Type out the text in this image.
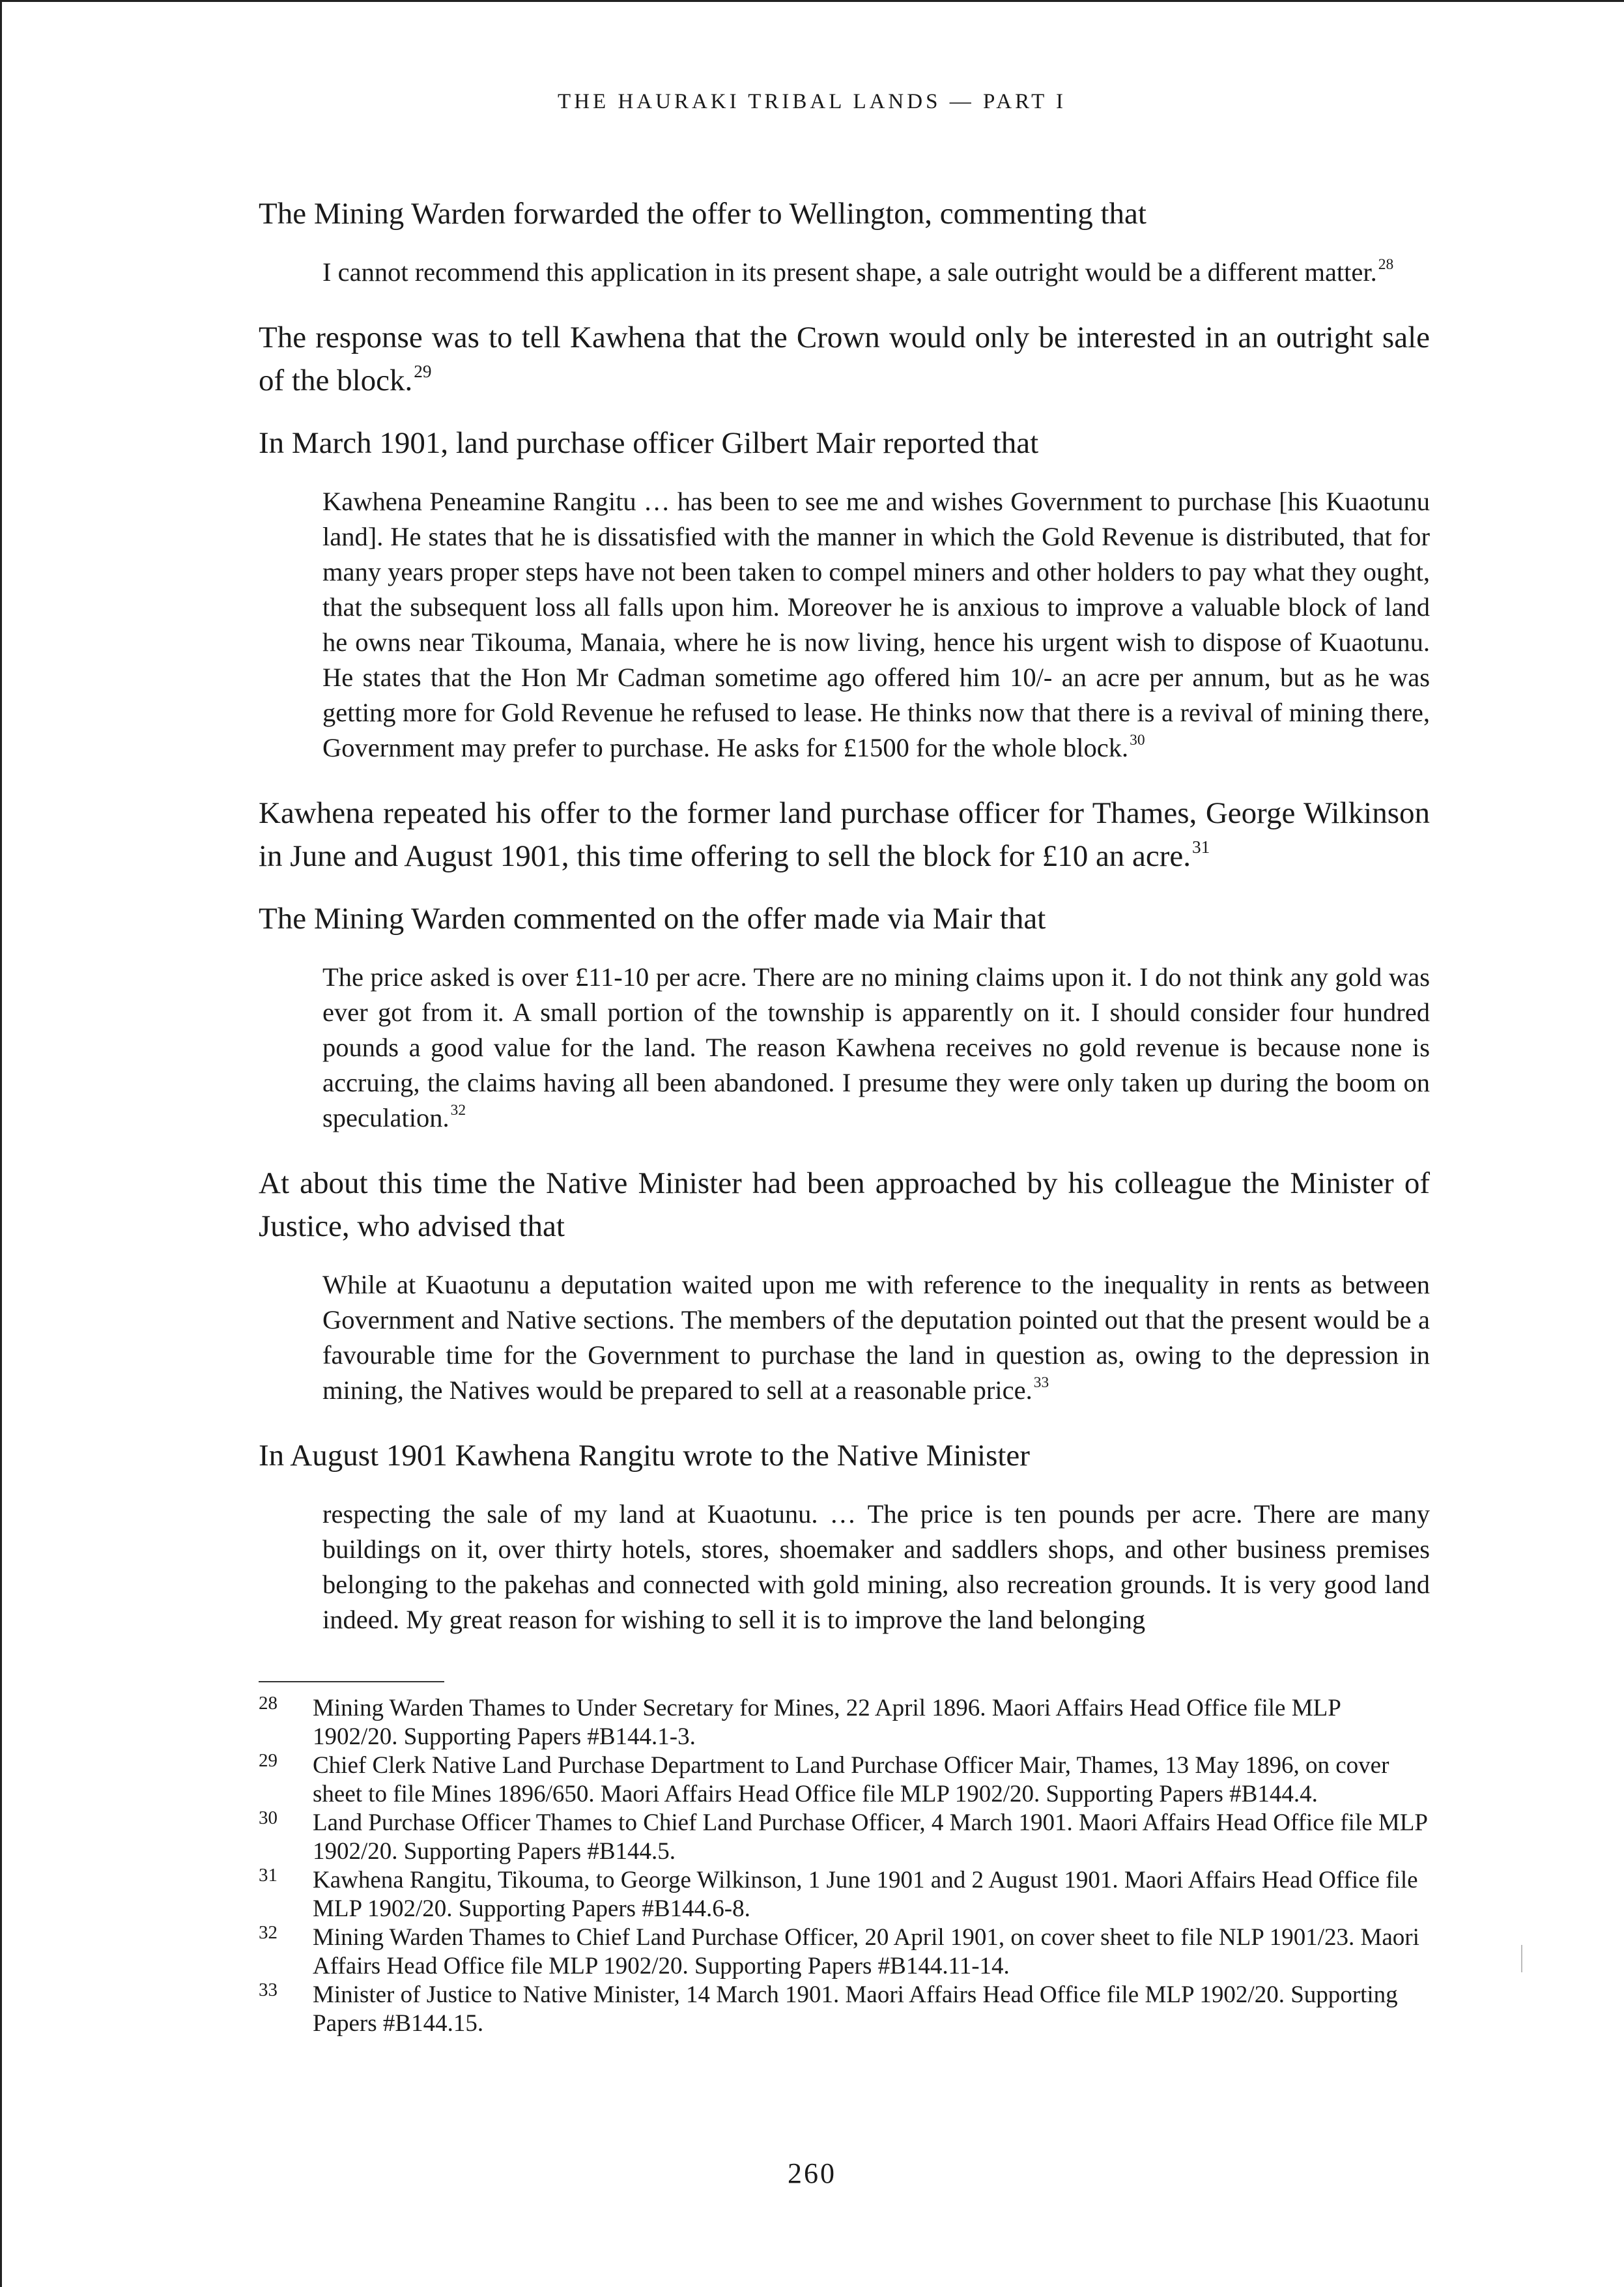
THE HAURAKI TRIBAL LANDS — PART I

The Mining Warden forwarded the offer to Wellington, commenting that

I cannot recommend this application in its present shape, a sale outright would be a different matter.$^{28}$

The response was to tell Kawhena that the Crown would only be interested in an outright sale of the block.$^{29}$

In March 1901, land purchase officer Gilbert Mair reported that

Kawhena Peneamine Rangitu … has been to see me and wishes Government to purchase [his Kuaotunu land]. He states that he is dissatisfied with the manner in which the Gold Revenue is distributed, that for many years proper steps have not been taken to compel miners and other holders to pay what they ought, that the subsequent loss all falls upon him. Moreover he is anxious to improve a valuable block of land he owns near Tikouma, Manaia, where he is now living, hence his urgent wish to dispose of Kuaotunu. He states that the Hon Mr Cadman sometime ago offered him 10/- an acre per annum, but as he was getting more for Gold Revenue he refused to lease. He thinks now that there is a revival of mining there, Government may prefer to purchase. He asks for £1500 for the whole block.$^{30}$

Kawhena repeated his offer to the former land purchase officer for Thames, George Wilkinson in June and August 1901, this time offering to sell the block for £10 an acre.$^{31}$

The Mining Warden commented on the offer made via Mair that

The price asked is over £11-10 per acre. There are no mining claims upon it. I do not think any gold was ever got from it. A small portion of the township is apparently on it. I should consider four hundred pounds a good value for the land. The reason Kawhena receives no gold revenue is because none is accruing, the claims having all been abandoned. I presume they were only taken up during the boom on speculation.$^{32}$

At about this time the Native Minister had been approached by his colleague the Minister of Justice, who advised that

While at Kuaotunu a deputation waited upon me with reference to the inequality in rents as between Government and Native sections. The members of the deputation pointed out that the present would be a favourable time for the Government to purchase the land in question as, owing to the depression in mining, the Natives would be prepared to sell at a reasonable price.$^{33}$

In August 1901 Kawhena Rangitu wrote to the Native Minister

respecting the sale of my land at Kuaotunu. … The price is ten pounds per acre. There are many buildings on it, over thirty hotels, stores, shoemaker and saddlers shops, and other business premises belonging to the pakehas and connected with gold mining, also recreation grounds. It is very good land indeed. My great reason for wishing to sell it is to improve the land belonging

28	Mining Warden Thames to Under Secretary for Mines, 22 April 1896. Maori Affairs Head Office file MLP 1902/20. Supporting Papers #B144.1-3.
29	Chief Clerk Native Land Purchase Department to Land Purchase Officer Mair, Thames, 13 May 1896, on cover sheet to file Mines 1896/650. Maori Affairs Head Office file MLP 1902/20. Supporting Papers #B144.4.
30	Land Purchase Officer Thames to Chief Land Purchase Officer, 4 March 1901. Maori Affairs Head Office file MLP 1902/20. Supporting Papers #B144.5.
31	Kawhena Rangitu, Tikouma, to George Wilkinson, 1 June 1901 and 2 August 1901. Maori Affairs Head Office file MLP 1902/20. Supporting Papers #B144.6-8.
32	Mining Warden Thames to Chief Land Purchase Officer, 20 April 1901, on cover sheet to file NLP 1901/23. Maori Affairs Head Office file MLP 1902/20. Supporting Papers #B144.11-14.
33	Minister of Justice to Native Minister, 14 March 1901. Maori Affairs Head Office file MLP 1902/20. Supporting Papers #B144.15.
260
